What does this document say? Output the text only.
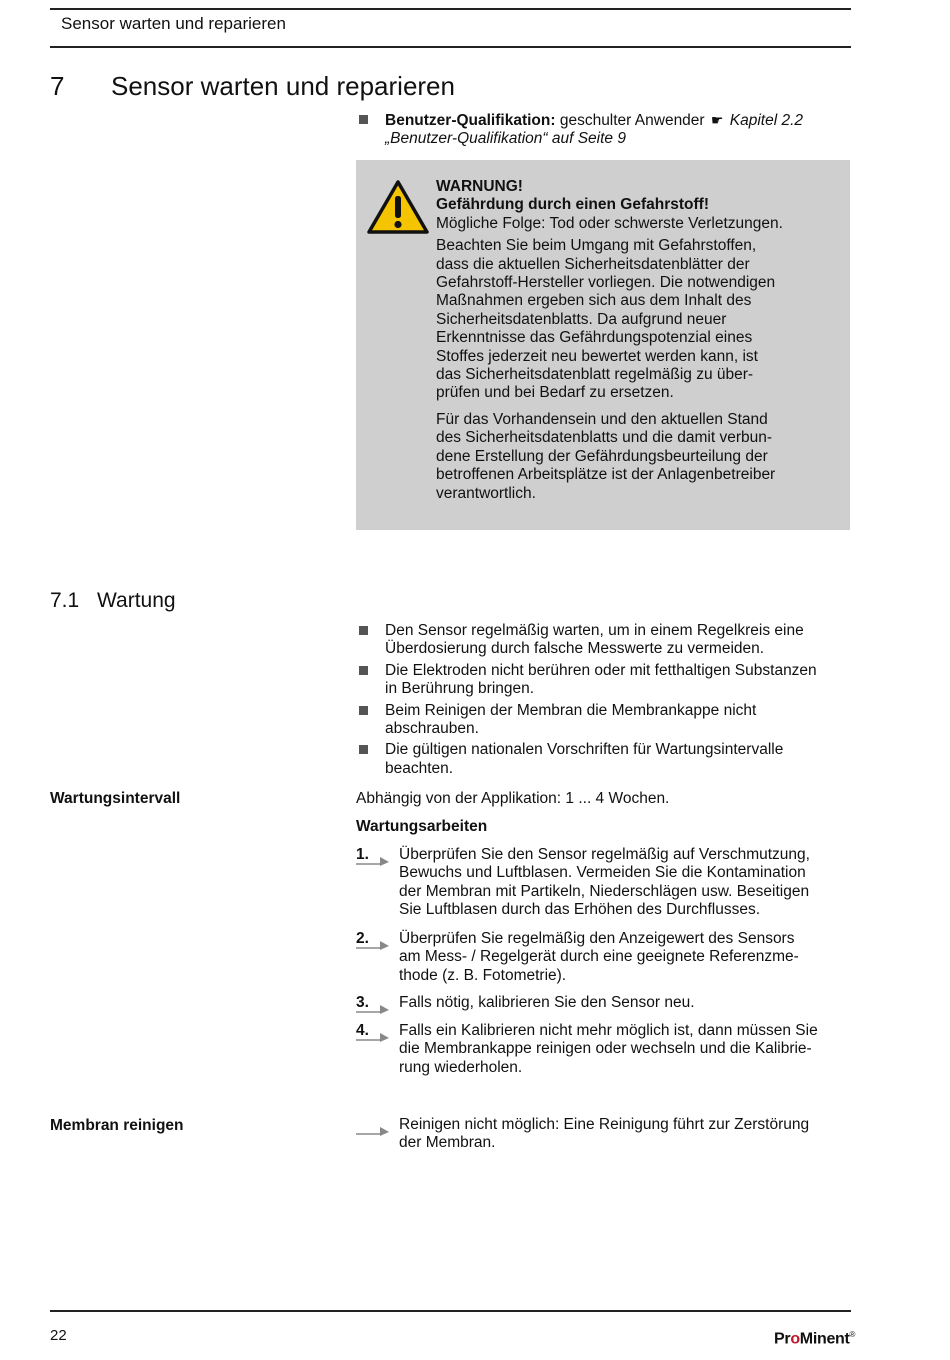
Sensor warten und reparieren
7 Sensor warten und reparieren
Benutzer-Qualifikation: geschulter Anwender ☛ Kapitel 2.2
„Benutzer-Qualifikation“ auf Seite 9

WARNUNG!
Gefährdung durch einen Gefahrstoff!
Mögliche Folge: Tod oder schwerste Verletzungen.

Beachten Sie beim Umgang mit Gefahrstoffen,
dass die aktuellen Sicherheitsdatenblätter der
Gefahrstoff-Hersteller vorliegen. Die notwendigen
Maßnahmen ergeben sich aus dem Inhalt des
Sicherheitsdatenblatts. Da aufgrund neuer
Erkenntnisse das Gefährdungspotenzial eines
Stoffes jederzeit neu bewertet werden kann, ist
das Sicherheitsdatenblatt regelmäßig zu über-
prüfen und bei Bedarf zu ersetzen.

Für das Vorhandensein und den aktuellen Stand
des Sicherheitsdatenblatts und die damit verbun-
dene Erstellung der Gefährdungsbeurteilung der
betroffenen Arbeitsplätze ist der Anlagenbetreiber
verantwortlich.

7.1 Wartung
Den Sensor regelmäßig warten, um in einem Regelkreis eine
Überdosierung durch falsche Messwerte zu vermeiden.
Die Elektroden nicht berühren oder mit fetthaltigen Substanzen
in Berührung bringen.
Beim Reinigen der Membran die Membrankappe nicht
abschrauben.
Die gültigen nationalen Vorschriften für Wartungsintervalle
beachten.
Wartungsintervall	Abhängig von der Applikation: 1 ... 4 Wochen.
Wartungsarbeiten
1.	Überprüfen Sie den Sensor regelmäßig auf Verschmutzung,
Bewuchs und Luftblasen. Vermeiden Sie die Kontamination
der Membran mit Partikeln, Niederschlägen usw. Beseitigen
Sie Luftblasen durch das Erhöhen des Durchflusses.
2.	Überprüfen Sie regelmäßig den Anzeigewert des Sensors
am Mess- / Regelgerät durch eine geeignete Referenzme-
thode (z. B. Fotometrie).
3.	Falls nötig, kalibrieren Sie den Sensor neu.
4.	Falls ein Kalibrieren nicht mehr möglich ist, dann müssen Sie
die Membrankappe reinigen oder wechseln und die Kalibrie-
rung wiederholen.
Membran reinigen	Reinigen nicht möglich: Eine Reinigung führt zur Zerstörung
der Membran.
22	ProMinent®
